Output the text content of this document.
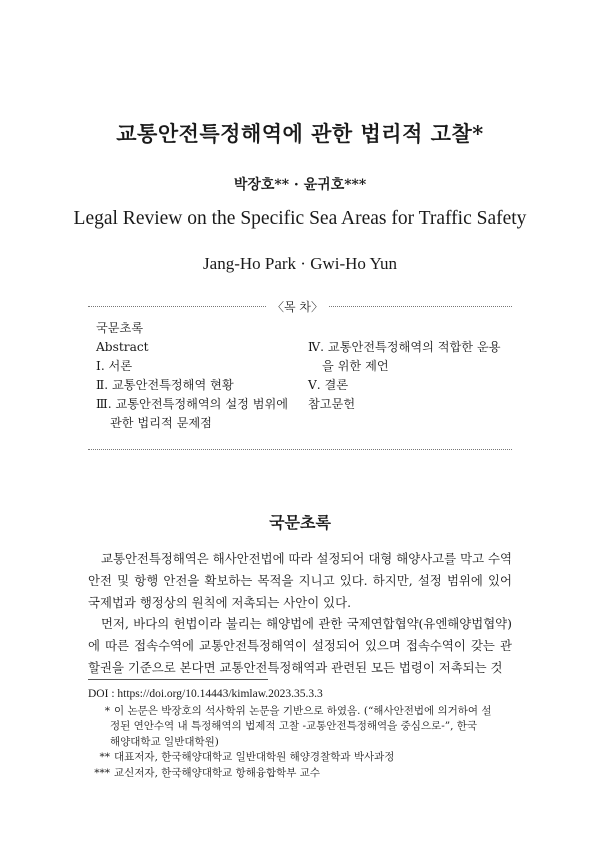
교통안전특정해역에 관한 법리적 고찰*
박장호** · 윤귀호***
Legal Review on the Specific Sea Areas for Traffic Safety
Jang-Ho Park · Gwi-Ho Yun
〈목 차〉
국문초록
Abstract
Ⅰ. 서론
Ⅱ. 교통안전특정해역 현황
Ⅲ. 교통안전특정해역의 설정 범위에
관한 법리적 문제점
Ⅳ. 교통안전특정해역의 적합한 운용
을 위한 제언
Ⅴ. 결론
참고문헌
국문초록

교통안전특정해역은 해사안전법에 따라 설정되어 대형 해양사고를 막고 수역 안전 및 항행 안전을 확보하는 목적을 지니고 있다. 하지만, 설정 범위에 있어 국제법과 행정상의 원칙에 저촉되는 사안이 있다.

먼저, 바다의 헌법이라 불리는 해양법에 관한 국제연합협약(유엔해양법협약)에 따른 접속수역에 교통안전특정해역이 설정되어 있으며 접속수역이 갖는 관할권을 기준으로 본다면 교통안전특정해역과 관련된 모든 법령이 저촉되는 것

DOI : https://doi.org/10.14443/kimlaw.2023.35.3.3
* 이 논문은 박장호의 석사학위 논문을 기반으로 하였음. (“해사안전법에 의거하여 설
정된 연안수역 내 특정해역의 법제적 고찰 -교통안전특정해역을 중심으로-”, 한국
해양대학교 일반대학원)
** 대표저자, 한국해양대학교 일반대학원 해양경찰학과 박사과정
*** 교신저자, 한국해양대학교 항해융합학부 교수
